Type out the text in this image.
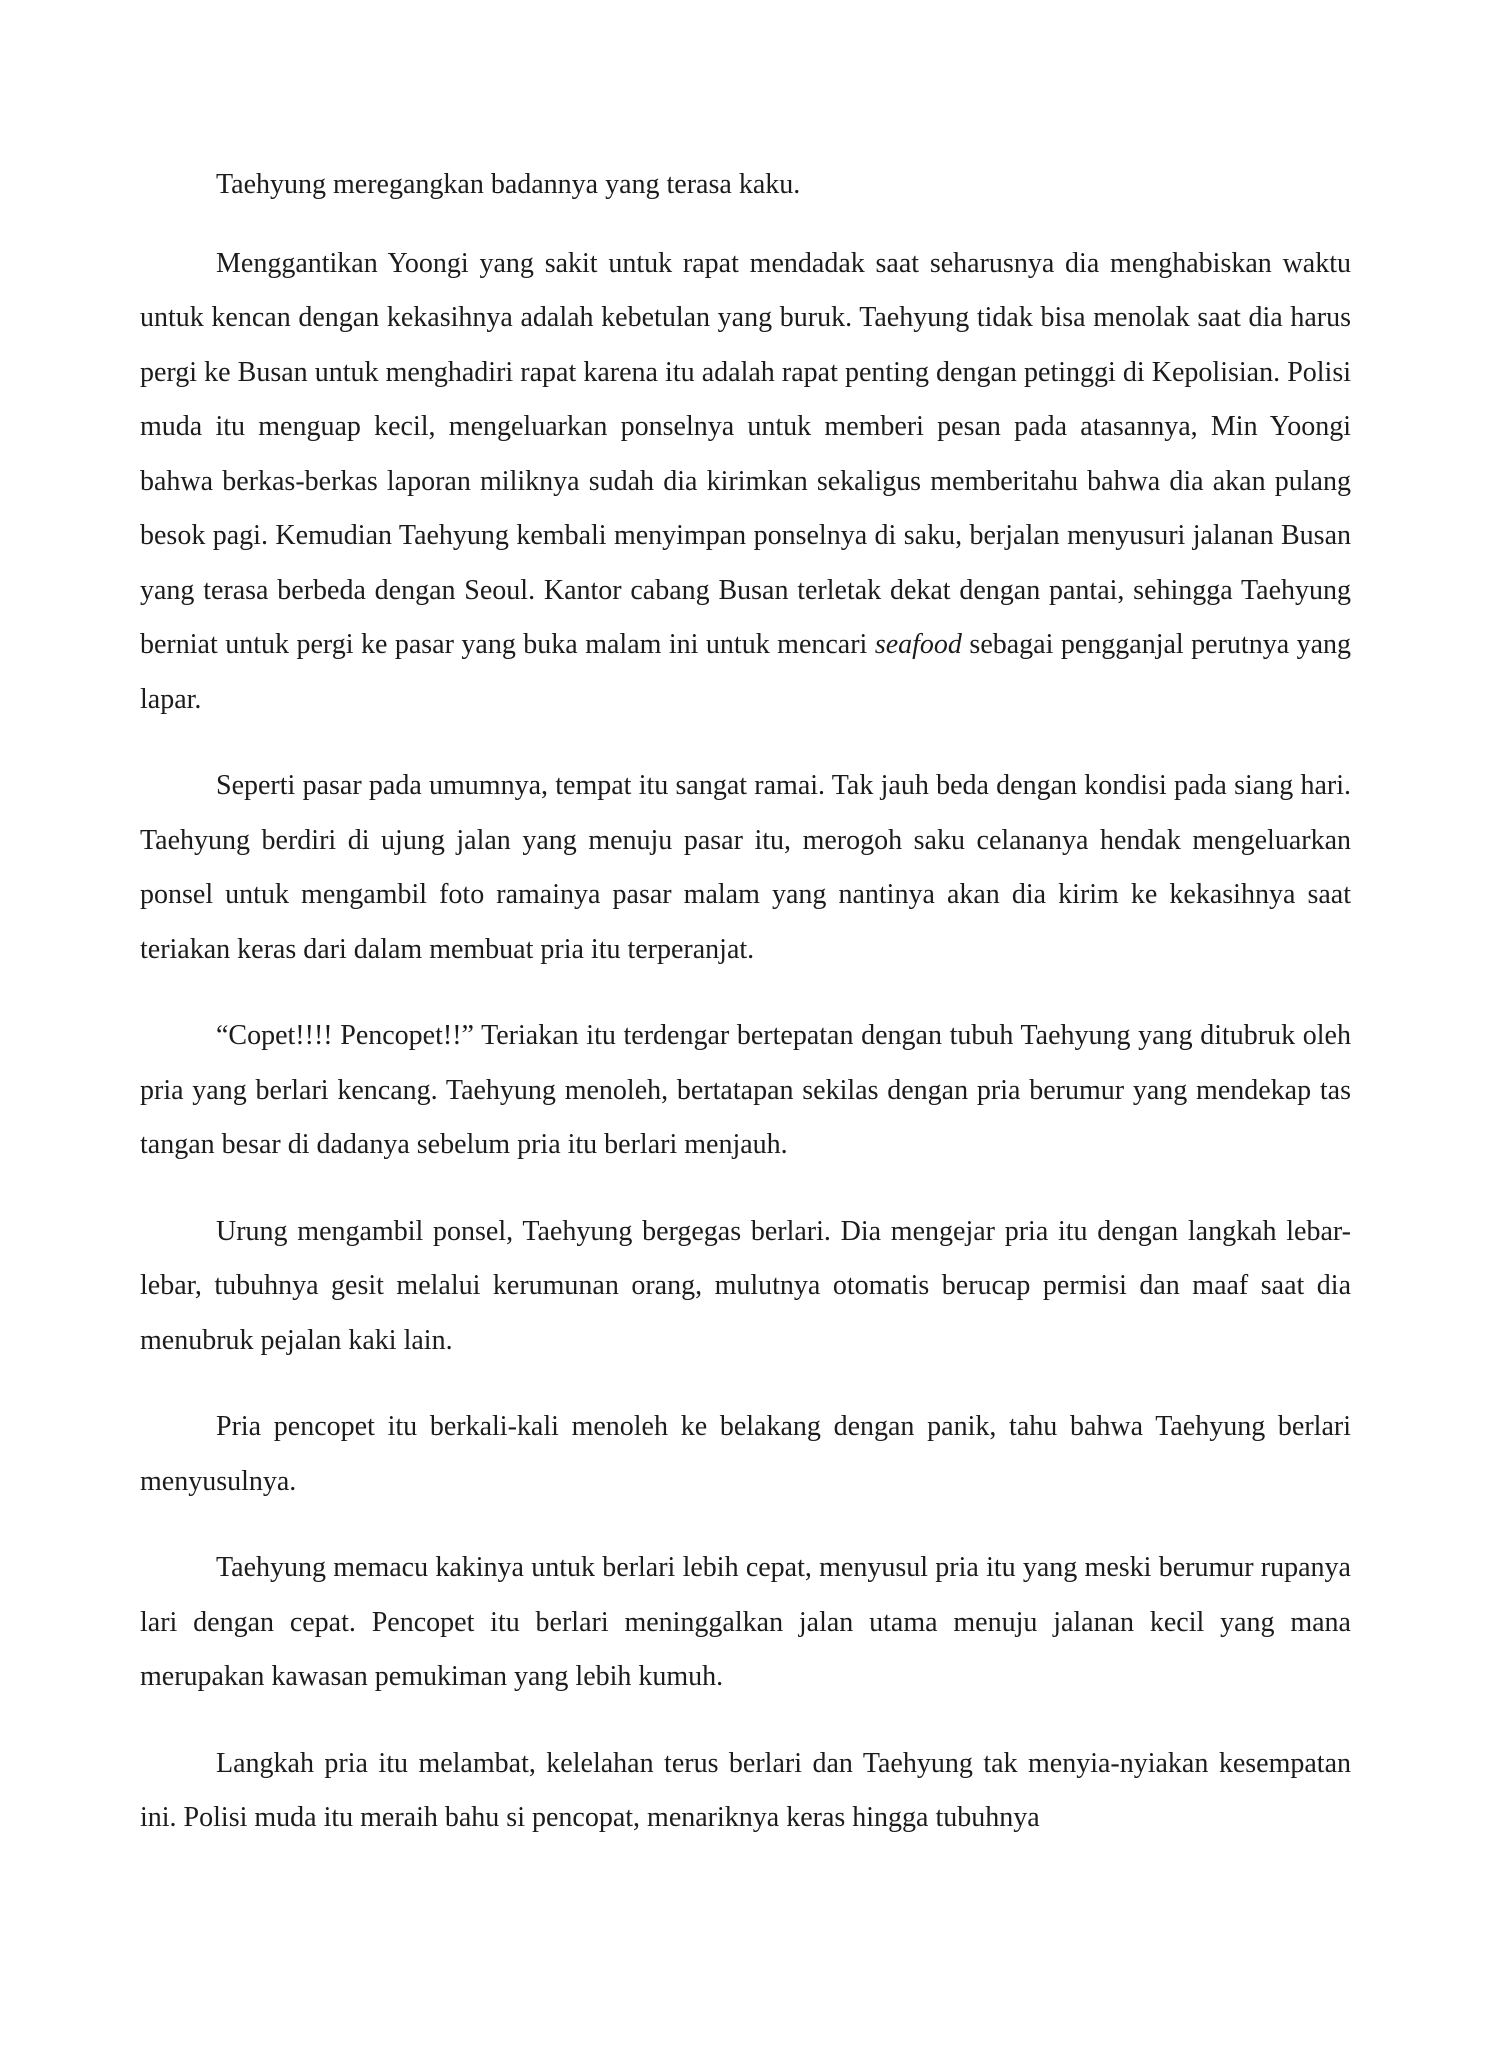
Taehyung meregangkan badannya yang terasa kaku.

Menggantikan Yoongi yang sakit untuk rapat mendadak saat seharusnya dia menghabiskan waktu untuk kencan dengan kekasihnya adalah kebetulan yang buruk. Taehyung tidak bisa menolak saat dia harus pergi ke Busan untuk menghadiri rapat karena itu adalah rapat penting dengan petinggi di Kepolisian. Polisi muda itu menguap kecil, mengeluarkan ponselnya untuk memberi pesan pada atasannya, Min Yoongi bahwa berkas-berkas laporan miliknya sudah dia kirimkan sekaligus memberitahu bahwa dia akan pulang besok pagi. Kemudian Taehyung kembali menyimpan ponselnya di saku, berjalan menyusuri jalanan Busan yang terasa berbeda dengan Seoul. Kantor cabang Busan terletak dekat dengan pantai, sehingga Taehyung berniat untuk pergi ke pasar yang buka malam ini untuk mencari seafood sebagai pengganjal perutnya yang lapar.

Seperti pasar pada umumnya, tempat itu sangat ramai. Tak jauh beda dengan kondisi pada siang hari. Taehyung berdiri di ujung jalan yang menuju pasar itu, merogoh saku celananya hendak mengeluarkan ponsel untuk mengambil foto ramainya pasar malam yang nantinya akan dia kirim ke kekasihnya saat teriakan keras dari dalam membuat pria itu terperanjat.

“Copet!!!! Pencopet!!” Teriakan itu terdengar bertepatan dengan tubuh Taehyung yang ditubruk oleh pria yang berlari kencang. Taehyung menoleh, bertatapan sekilas dengan pria berumur yang mendekap tas tangan besar di dadanya sebelum pria itu berlari menjauh.

Urung mengambil ponsel, Taehyung bergegas berlari. Dia mengejar pria itu dengan langkah lebar-lebar, tubuhnya gesit melalui kerumunan orang, mulutnya otomatis berucap permisi dan maaf saat dia menubruk pejalan kaki lain.

Pria pencopet itu berkali-kali menoleh ke belakang dengan panik, tahu bahwa Taehyung berlari menyusulnya.

Taehyung memacu kakinya untuk berlari lebih cepat, menyusul pria itu yang meski berumur rupanya lari dengan cepat. Pencopet itu berlari meninggalkan jalan utama menuju jalanan kecil yang mana merupakan kawasan pemukiman yang lebih kumuh.

Langkah pria itu melambat, kelelahan terus berlari dan Taehyung tak menyia-nyiakan kesempatan ini. Polisi muda itu meraih bahu si pencopat, menariknya keras hingga tubuhnya
